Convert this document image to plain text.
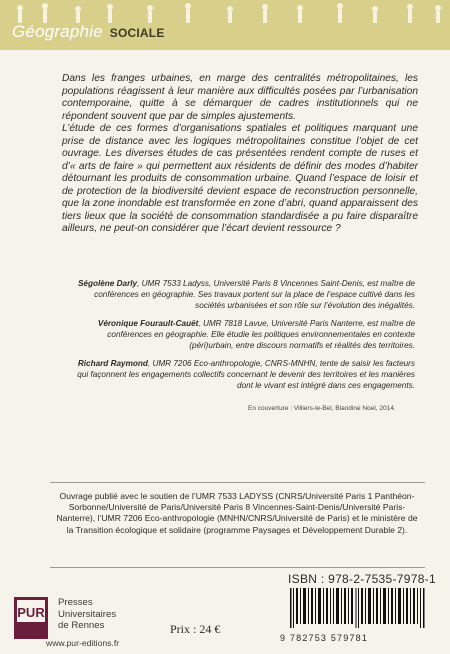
Géographie SOCIALE

Dans les franges urbaines, en marge des centralités métropolitaines, les populations réagissent à leur manière aux difficultés posées par l’urbanisation contemporaine, quitte à se démarquer de cadres institutionnels qui ne répondent souvent que par de simples ajustements.

L’étude de ces formes d’organisations spatiales et politiques marquant une prise de distance avec les logiques métropolitaines constitue l’objet de cet ouvrage. Les diverses études de cas présentées rendent compte de ruses et d’« arts de faire » qui permettent aux résidents de définir des modes d’habiter détournant les produits de consommation urbaine. Quand l’espace de loisir et de protection de la biodiversité devient espace de reconstruction personnelle, que la zone inondable est transformée en zone d’abri, quand apparaissent des tiers lieux que la société de consommation standardisée a pu faire disparaître ailleurs, ne peut-on considérer que l’écart devient ressource ?

Ségolène Darly, UMR 7533 Ladyss, Université Paris 8 Vincennes Saint-Denis, est maître de conférences en géographie. Ses travaux portent sur la place de l’espace cultivé dans les sociétés urbanisées et son rôle sur l’évolution des inégalités.
Véronique Fourault-Cauët, UMR 7818 Lavue, Université Paris Nanterre, est maître de conférences en géographie. Elle étudie les politiques environnementales en contexte (péri)urbain, entre discours normatifs et réalités des territoires.
Richard Raymond, UMR 7206 Eco-anthropologie, CNRS-MNHN, tente de saisir les facteurs qui façonnent les engagements collectifs concernant le devenir des territoires et les manières dont le vivant est intégré dans ces engagements.
En couverture : Villiers-le-Bel, Blandine Noel, 2014.
Ouvrage publié avec le soutien de l’UMR 7533 LADYSS (CNRS/Université Paris 1 Panthéon-Sorbonne/Université de Paris/Université Paris 8 Vincennes-Saint-Denis/Université Paris-Nanterre), l’UMR 7206 Eco-anthropologie (MNHN/CNRS/Université de Paris) et le ministère de la Transition écologique et solidaire (programme Paysages et Développement Durable 2).
ISBN : 978-2-7535-7978-1
9 782753 579781
Prix : 24 €
PUR
Presses
Universitaires
de Rennes
www.pur-editions.fr
